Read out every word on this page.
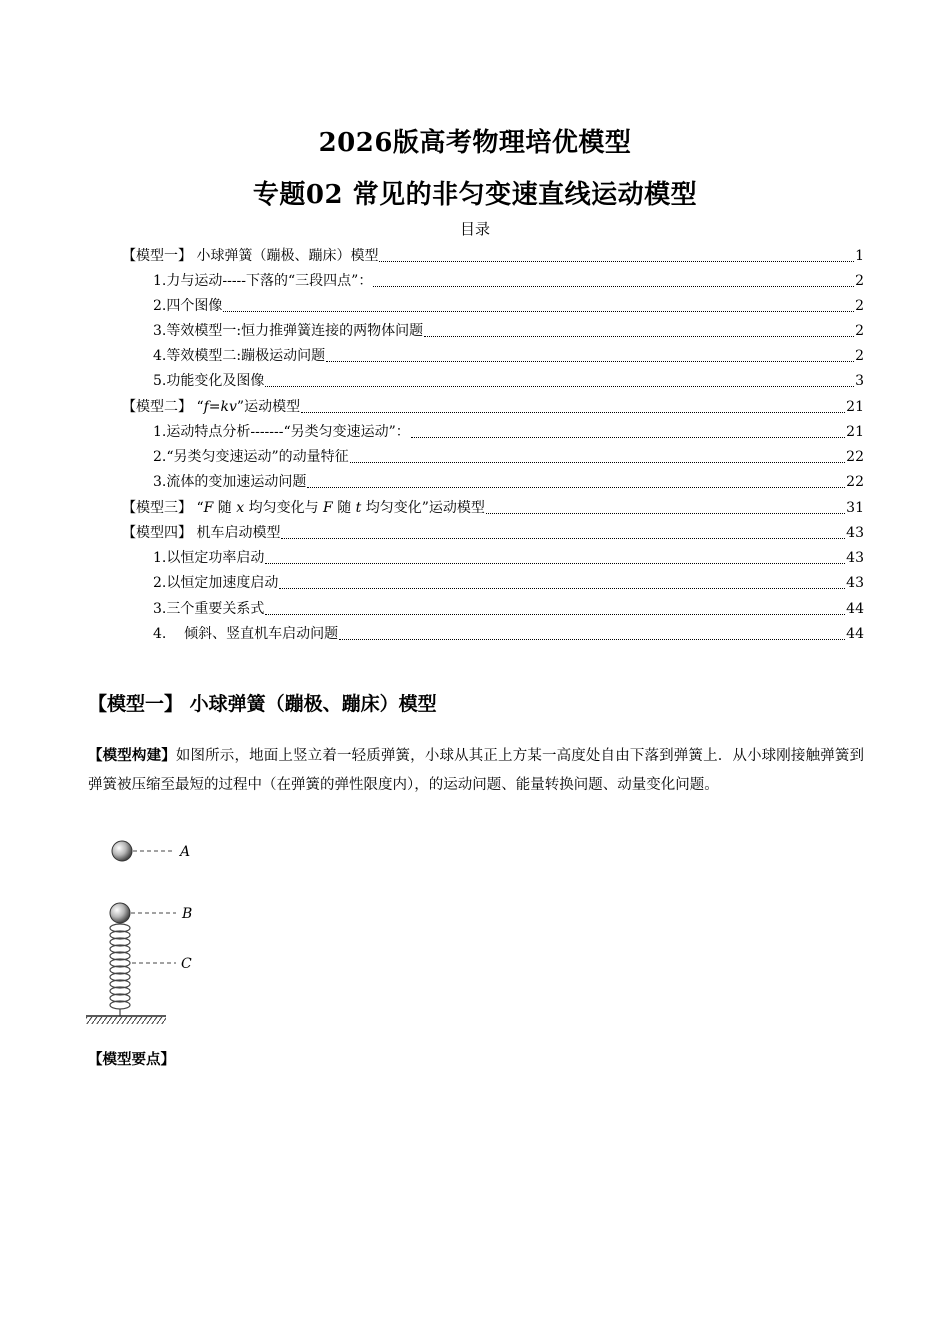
2026版高考物理培优模型
专题02 常见的非匀变速直线运动模型
目录
【模型一】 小球弹簧（蹦极、蹦床）模型	1
1.力与运动-----下落的“三段四点”：	2
2.四个图像	2
3.等效模型一:恒力推弹簧连接的两物体问题	2
4.等效模型二:蹦极运动问题	2
5.功能变化及图像	3
【模型二】 “f=kv”运动模型	21
1.运动特点分析-------“另类匀变速运动”：	21
2.“另类匀变速运动”的动量特征	22
3.流体的变加速运动问题	22
【模型三】 “F 随 x 均匀变化与 F 随 t 均匀变化”运动模型	31
【模型四】 机车启动模型	43
1.以恒定功率启动	43
2.以恒定加速度启动	43
3.三个重要关系式	44
4.    倾斜、竖直机车启动问题	44
【模型一】 小球弹簧（蹦极、蹦床）模型
【模型构建】如图所示，地面上竖立着一轻质弹簧，小球从其正上方某一高度处自由下落到弹簧上．从小球刚接触弹簧到弹簧被压缩至最短的过程中（在弹簧的弹性限度内），的运动问题、能量转换问题、动量变化问题。
A
B
C
【模型要点】
